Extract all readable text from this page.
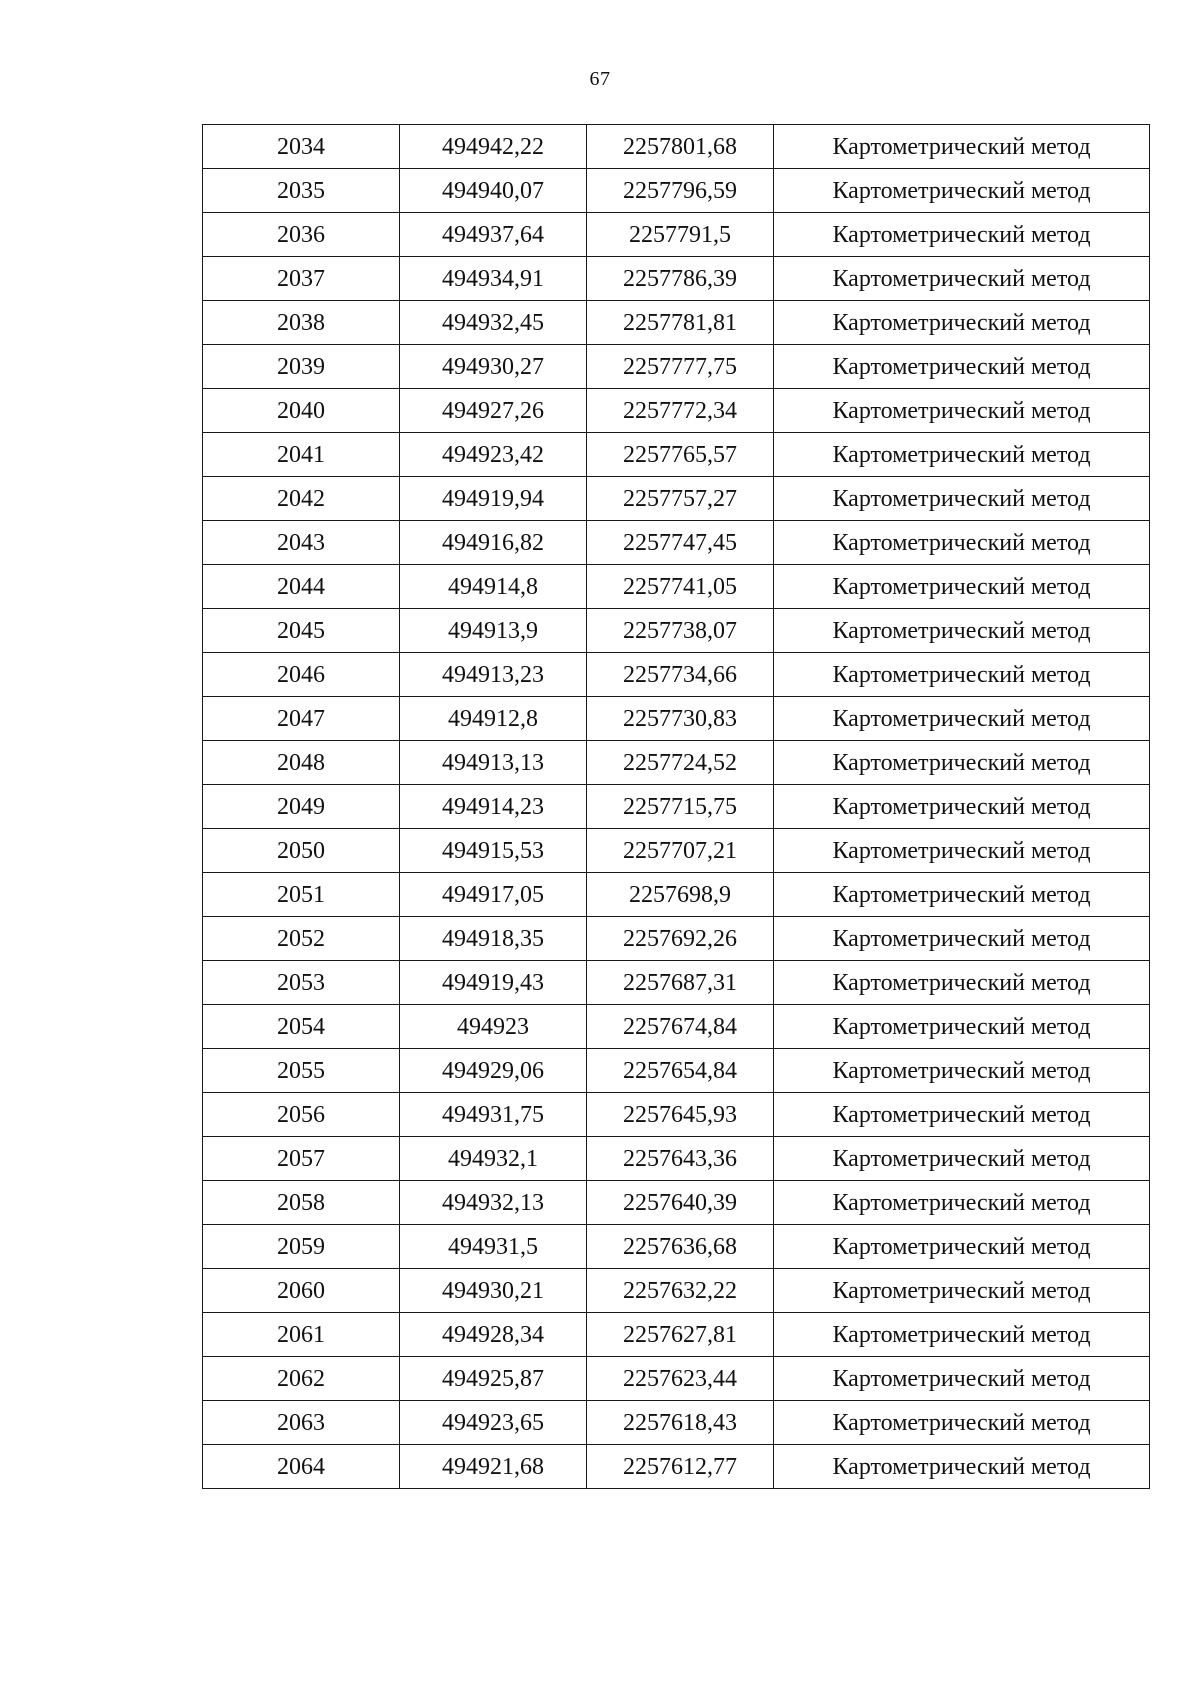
67
2034	494942,22	2257801,68	Картометрический метод
2035	494940,07	2257796,59	Картометрический метод
2036	494937,64	2257791,5	Картометрический метод
2037	494934,91	2257786,39	Картометрический метод
2038	494932,45	2257781,81	Картометрический метод
2039	494930,27	2257777,75	Картометрический метод
2040	494927,26	2257772,34	Картометрический метод
2041	494923,42	2257765,57	Картометрический метод
2042	494919,94	2257757,27	Картометрический метод
2043	494916,82	2257747,45	Картометрический метод
2044	494914,8	2257741,05	Картометрический метод
2045	494913,9	2257738,07	Картометрический метод
2046	494913,23	2257734,66	Картометрический метод
2047	494912,8	2257730,83	Картометрический метод
2048	494913,13	2257724,52	Картометрический метод
2049	494914,23	2257715,75	Картометрический метод
2050	494915,53	2257707,21	Картометрический метод
2051	494917,05	2257698,9	Картометрический метод
2052	494918,35	2257692,26	Картометрический метод
2053	494919,43	2257687,31	Картометрический метод
2054	494923	2257674,84	Картометрический метод
2055	494929,06	2257654,84	Картометрический метод
2056	494931,75	2257645,93	Картометрический метод
2057	494932,1	2257643,36	Картометрический метод
2058	494932,13	2257640,39	Картометрический метод
2059	494931,5	2257636,68	Картометрический метод
2060	494930,21	2257632,22	Картометрический метод
2061	494928,34	2257627,81	Картометрический метод
2062	494925,87	2257623,44	Картометрический метод
2063	494923,65	2257618,43	Картометрический метод
2064	494921,68	2257612,77	Картометрический метод
